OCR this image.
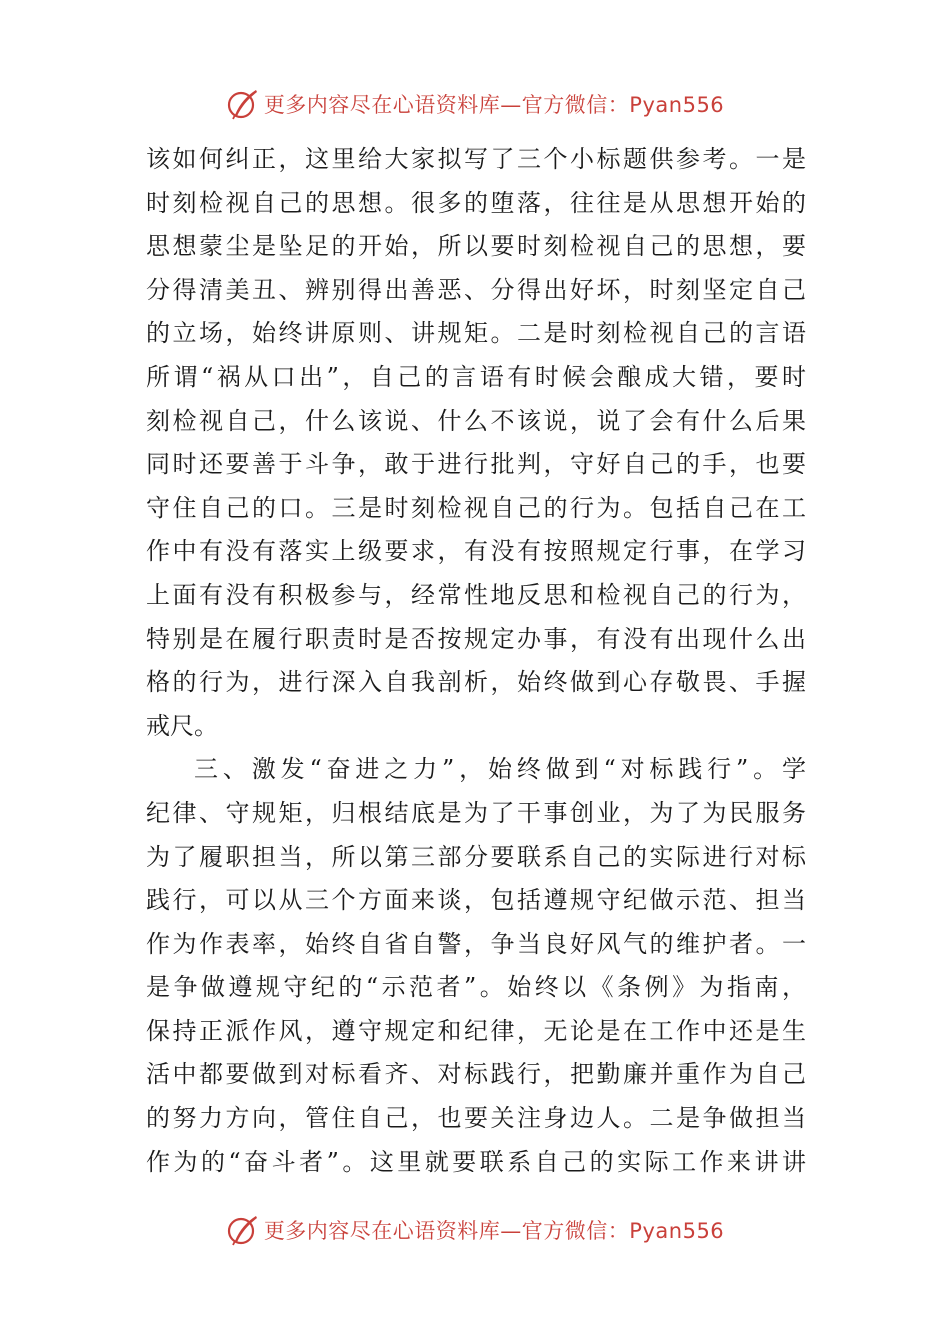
更多内容尽在心语资料库—官方微信：Pyan556
该如何纠正，这里给大家拟写了三个小标题供参考。一是
时刻检视自己的思想。很多的堕落，往往是从思想开始的
思想蒙尘是坠足的开始，所以要时刻检视自己的思想，要
分得清美丑、辨别得出善恶、分得出好坏，时刻坚定自己
的立场，始终讲原则、讲规矩。二是时刻检视自己的言语
所谓“祸从口出”，自己的言语有时候会酿成大错，要时
刻检视自己，什么该说、什么不该说，说了会有什么后果
同时还要善于斗争，敢于进行批判，守好自己的手，也要
守住自己的口。三是时刻检视自己的行为。包括自己在工
作中有没有落实上级要求，有没有按照规定行事，在学习
上面有没有积极参与，经常性地反思和检视自己的行为，
特别是在履行职责时是否按规定办事，有没有出现什么出
格的行为，进行深入自我剖析，始终做到心存敬畏、手握
戒尺。
三、激发“奋进之力”，始终做到“对标践行”。学
纪律、守规矩，归根结底是为了干事创业，为了为民服务
为了履职担当，所以第三部分要联系自己的实际进行对标
践行，可以从三个方面来谈，包括遵规守纪做示范、担当
作为作表率，始终自省自警，争当良好风气的维护者。一
是争做遵规守纪的“示范者”。始终以《条例》为指南，
保持正派作风，遵守规定和纪律，无论是在工作中还是生
活中都要做到对标看齐、对标践行，把勤廉并重作为自己
的努力方向，管住自己，也要关注身边人。二是争做担当
作为的“奋斗者”。这里就要联系自己的实际工作来讲讲
更多内容尽在心语资料库—官方微信：Pyan556
